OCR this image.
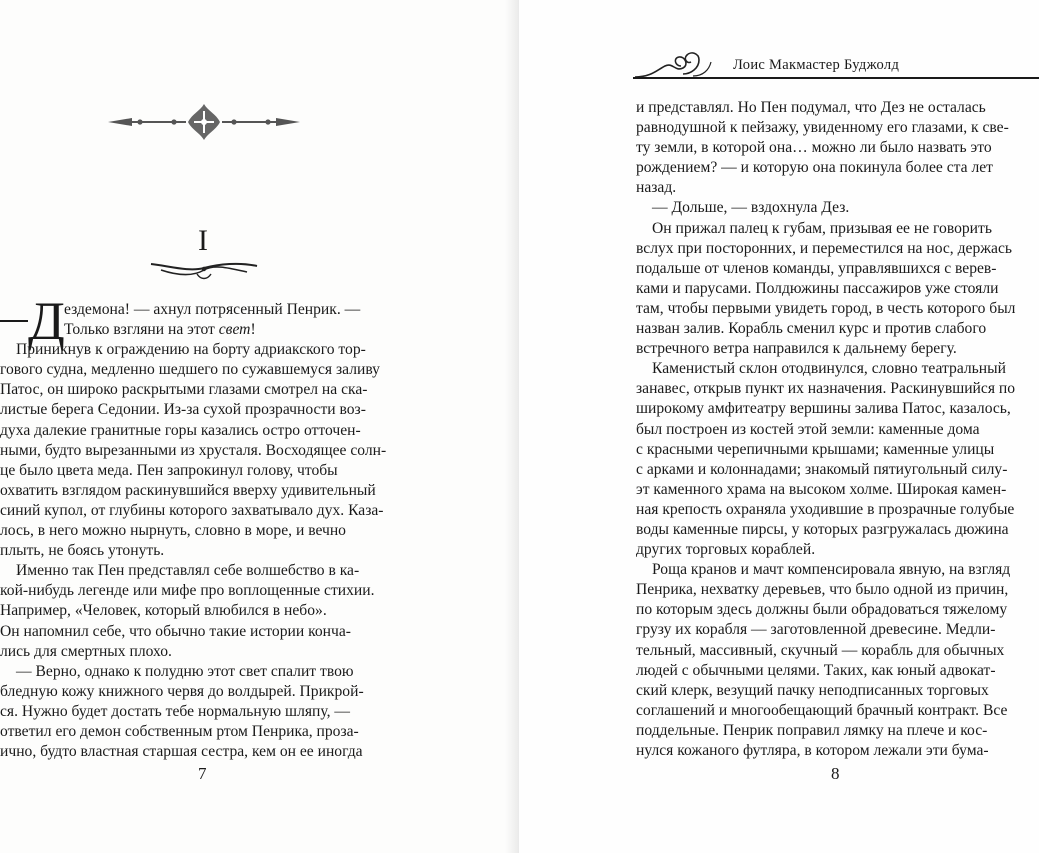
I
Д ездемона! — ахнул потрясенный Пенрик. —

Только взгляни на этот свет!

Приникнув к ограждению на борту адриакского тор-

гового судна, медленно шедшего по сужавшемуся заливу

Патос, он широко раскрытыми глазами смотрел на ска-

листые берега Седонии. Из-за сухой прозрачности воз-

духа далекие гранитные горы казались остро отточен-

ными, будто вырезанными из хрусталя. Восходящее солн-

це было цвета меда. Пен запрокинул голову, чтобы

охватить взглядом раскинувшийся вверху удивительный

синий купол, от глубины которого захватывало дух. Каза-

лось, в него можно нырнуть, словно в море, и вечно

плыть, не боясь утонуть.

Именно так Пен представлял себе волшебство в ка-

кой-нибудь легенде или мифе про воплощенные стихии.

Например, «Человек, который влюбился в небо».

Он напомнил себе, что обычно такие истории конча-

лись для смертных плохо.

— Верно, однако к полудню этот свет спалит твою

бледную кожу книжного червя до волдырей. Прикрой-

ся. Нужно будет достать тебе нормальную шляпу, —

ответил его демон собственным ртом Пенрика, проза-

ично, будто властная старшая сестра, кем он ее иногда

7
Лоис Макмастер Буджолд

и представлял. Но Пен подумал, что Дез не осталась

равнодушной к пейзажу, увиденному его глазами, к све-

ту земли, в которой она… можно ли было назвать это

рождением? — и которую она покинула более ста лет

назад.

— Дольше, — вздохнула Дез.

Он прижал палец к губам, призывая ее не говорить

вслух при посторонних, и переместился на нос, держась

подальше от членов команды, управлявшихся с верев-

ками и парусами. Полдюжины пассажиров уже стояли

там, чтобы первыми увидеть город, в честь которого был

назван залив. Корабль сменил курс и против слабого

встречного ветра направился к дальнему берегу.

Каменистый склон отодвинулся, словно театральный

занавес, открыв пункт их назначения. Раскинувшийся по

широкому амфитеатру вершины залива Патос, казалось,

был построен из костей этой земли: каменные дома

с красными черепичными крышами; каменные улицы

с арками и колоннадами; знакомый пятиугольный силу-

эт каменного храма на высоком холме. Широкая камен-

ная крепость охраняла уходившие в прозрачные голубые

воды каменные пирсы, у которых разгружалась дюжина

других торговых кораблей.

Роща кранов и мачт компенсировала явную, на взгляд

Пенрика, нехватку деревьев, что было одной из причин,

по которым здесь должны были обрадоваться тяжелому

грузу их корабля — заготовленной древесине. Медли-

тельный, массивный, скучный — корабль для обычных

людей с обычными целями. Таких, как юный адвокат-

ский клерк, везущий пачку неподписанных торговых

соглашений и многообещающий брачный контракт. Все

поддельные. Пенрик поправил лямку на плече и кос-

нулся кожаного футляра, в котором лежали эти бума-

8
